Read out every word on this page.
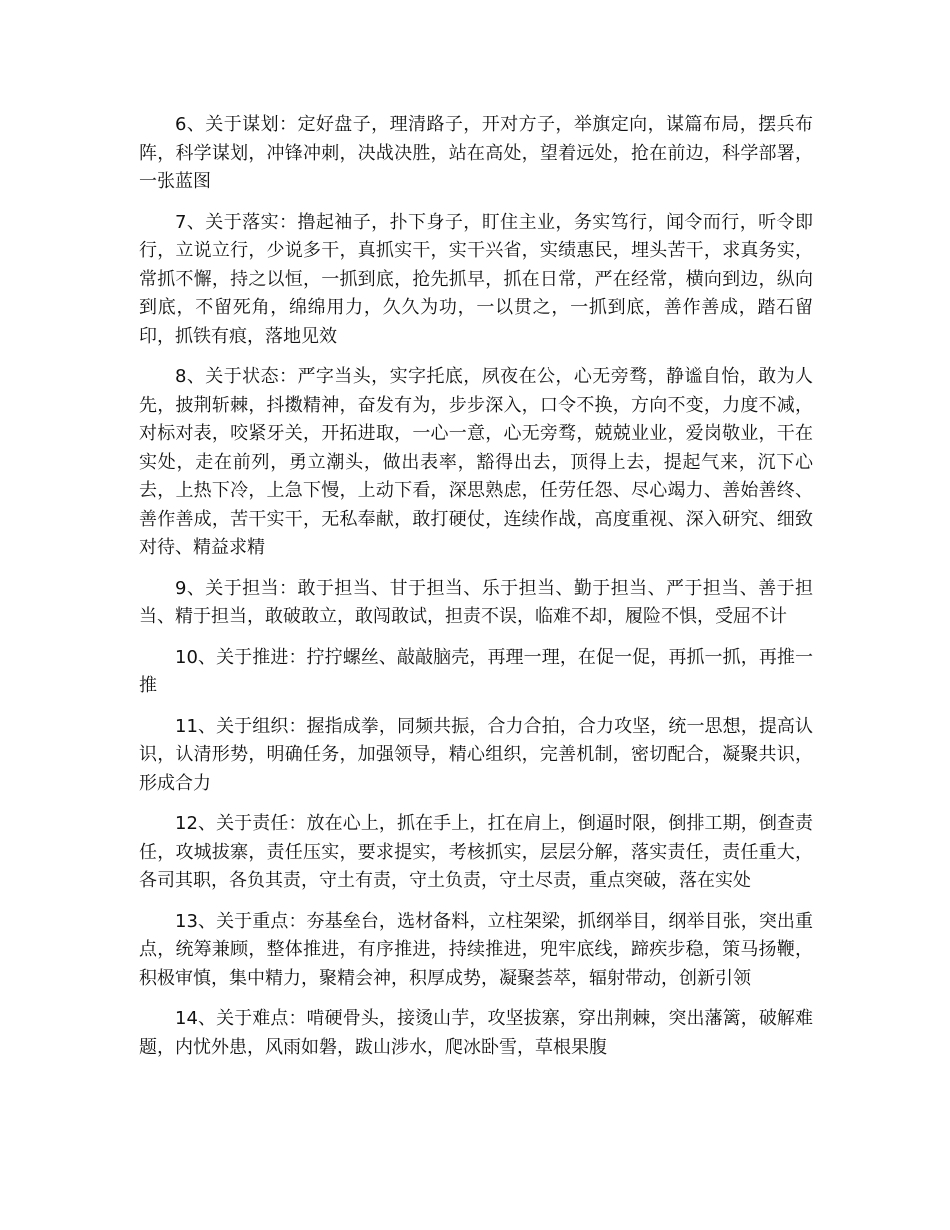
6、关于谋划：定好盘子，理清路子，开对方子，举旗定向，谋篇布局，摆兵布阵，科学谋划，冲锋冲刺，决战决胜，站在高处，望着远处，抢在前边，科学部署，一张蓝图

7、关于落实：撸起袖子，扑下身子，盯住主业，务实笃行，闻令而行，听令即行，立说立行，少说多干，真抓实干，实干兴省，实绩惠民，埋头苦干，求真务实，常抓不懈，持之以恒，一抓到底，抢先抓早，抓在日常，严在经常，横向到边，纵向到底，不留死角，绵绵用力，久久为功，一以贯之，一抓到底，善作善成，踏石留印，抓铁有痕，落地见效

8、关于状态：严字当头，实字托底，夙夜在公，心无旁骛，静谧自怡，敢为人先，披荆斩棘，抖擞精神，奋发有为，步步深入，口令不换，方向不变，力度不减，对标对表，咬紧牙关，开拓进取，一心一意，心无旁骛，兢兢业业，爱岗敬业，干在实处，走在前列，勇立潮头，做出表率，豁得出去，顶得上去，提起气来，沉下心去，上热下冷，上急下慢，上动下看，深思熟虑，任劳任怨、尽心竭力、善始善终、善作善成，苦干实干，无私奉献，敢打硬仗，连续作战，高度重视、深入研究、细致对待、精益求精

9、关于担当：敢于担当、甘于担当、乐于担当、勤于担当、严于担当、善于担当、精于担当，敢破敢立，敢闯敢试，担责不误，临难不却，履险不惧，受屈不计

10、关于推进：拧拧螺丝、敲敲脑壳，再理一理，在促一促，再抓一抓，再推一推

11、关于组织：握指成拳，同频共振，合力合拍，合力攻坚，统一思想，提高认识，认清形势，明确任务，加强领导，精心组织，完善机制，密切配合，凝聚共识，形成合力

12、关于责任：放在心上，抓在手上，扛在肩上，倒逼时限，倒排工期，倒查责任，攻城拔寨，责任压实，要求提实，考核抓实，层层分解，落实责任，责任重大，各司其职，各负其责，守土有责，守土负责，守土尽责，重点突破，落在实处

13、关于重点：夯基垒台，选材备料，立柱架梁，抓纲举目，纲举目张，突出重点，统筹兼顾，整体推进，有序推进，持续推进，兜牢底线，蹄疾步稳，策马扬鞭，积极审慎，集中精力，聚精会神，积厚成势，凝聚荟萃，辐射带动，创新引领

14、关于难点：啃硬骨头，接烫山芋，攻坚拔寨，穿出荆棘，突出藩篱，破解难题，内忧外患，风雨如磐，跋山涉水，爬冰卧雪，草根果腹
